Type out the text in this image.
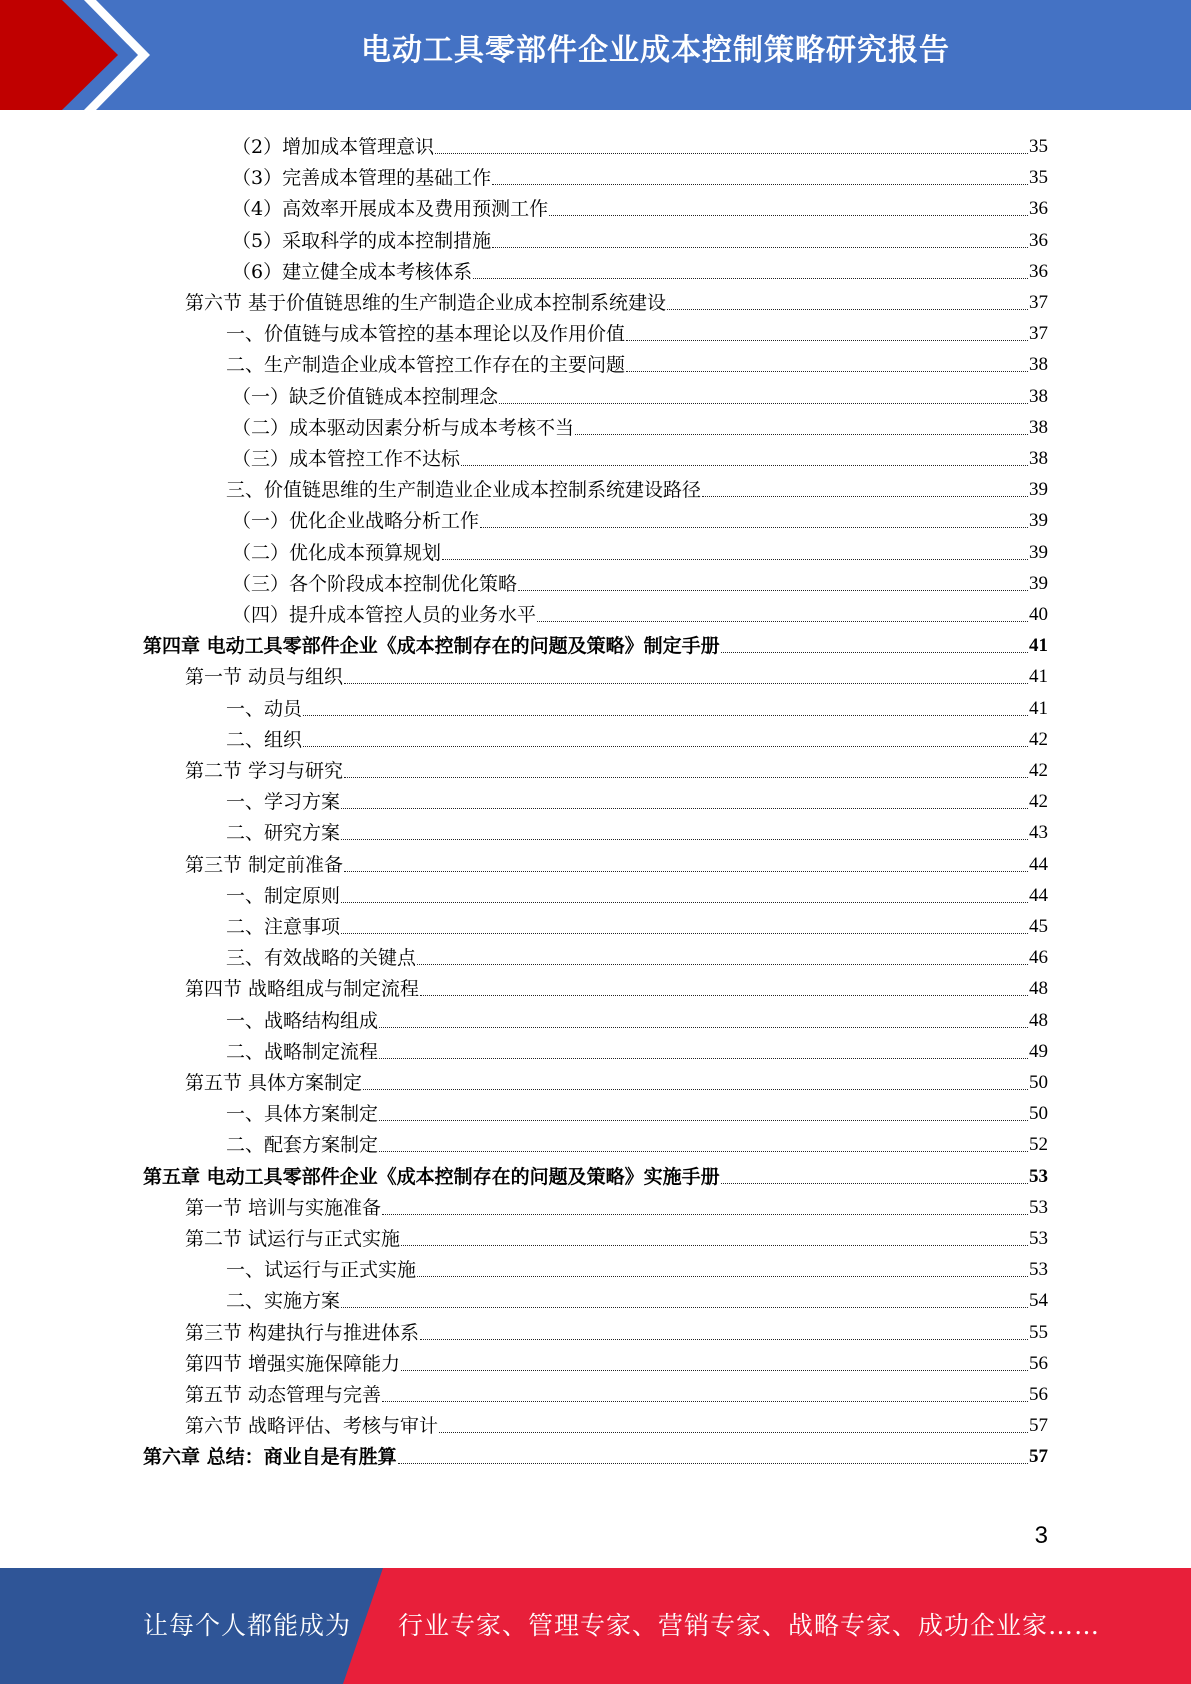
电动工具零部件企业成本控制策略研究报告
（2）增加成本管理意识	35
（3）完善成本管理的基础工作	35
（4）高效率开展成本及费用预测工作	36
（5）采取科学的成本控制措施	36
（6）建立健全成本考核体系	36
第六节 基于价值链思维的生产制造企业成本控制系统建设	37
一、价值链与成本管控的基本理论以及作用价值	37
二、生产制造企业成本管控工作存在的主要问题	38
（一）缺乏价值链成本控制理念	38
（二）成本驱动因素分析与成本考核不当	38
（三）成本管控工作不达标	38
三、价值链思维的生产制造业企业成本控制系统建设路径	39
（一）优化企业战略分析工作	39
（二）优化成本预算规划	39
（三）各个阶段成本控制优化策略	39
（四）提升成本管控人员的业务水平	40
第四章 电动工具零部件企业《成本控制存在的问题及策略》制定手册	41
第一节 动员与组织	41
一、动员	41
二、组织	42
第二节 学习与研究	42
一、学习方案	42
二、研究方案	43
第三节 制定前准备	44
一、制定原则	44
二、注意事项	45
三、有效战略的关键点	46
第四节 战略组成与制定流程	48
一、战略结构组成	48
二、战略制定流程	49
第五节 具体方案制定	50
一、具体方案制定	50
二、配套方案制定	52
第五章 电动工具零部件企业《成本控制存在的问题及策略》实施手册	53
第一节 培训与实施准备	53
第二节 试运行与正式实施	53
一、试运行与正式实施	53
二、实施方案	54
第三节 构建执行与推进体系	55
第四节 增强实施保障能力	56
第五节 动态管理与完善	56
第六节 战略评估、考核与审计	57
第六章 总结：商业自是有胜算	57
3
让每个人都能成为 行业专家、管理专家、营销专家、战略专家、成功企业家……
